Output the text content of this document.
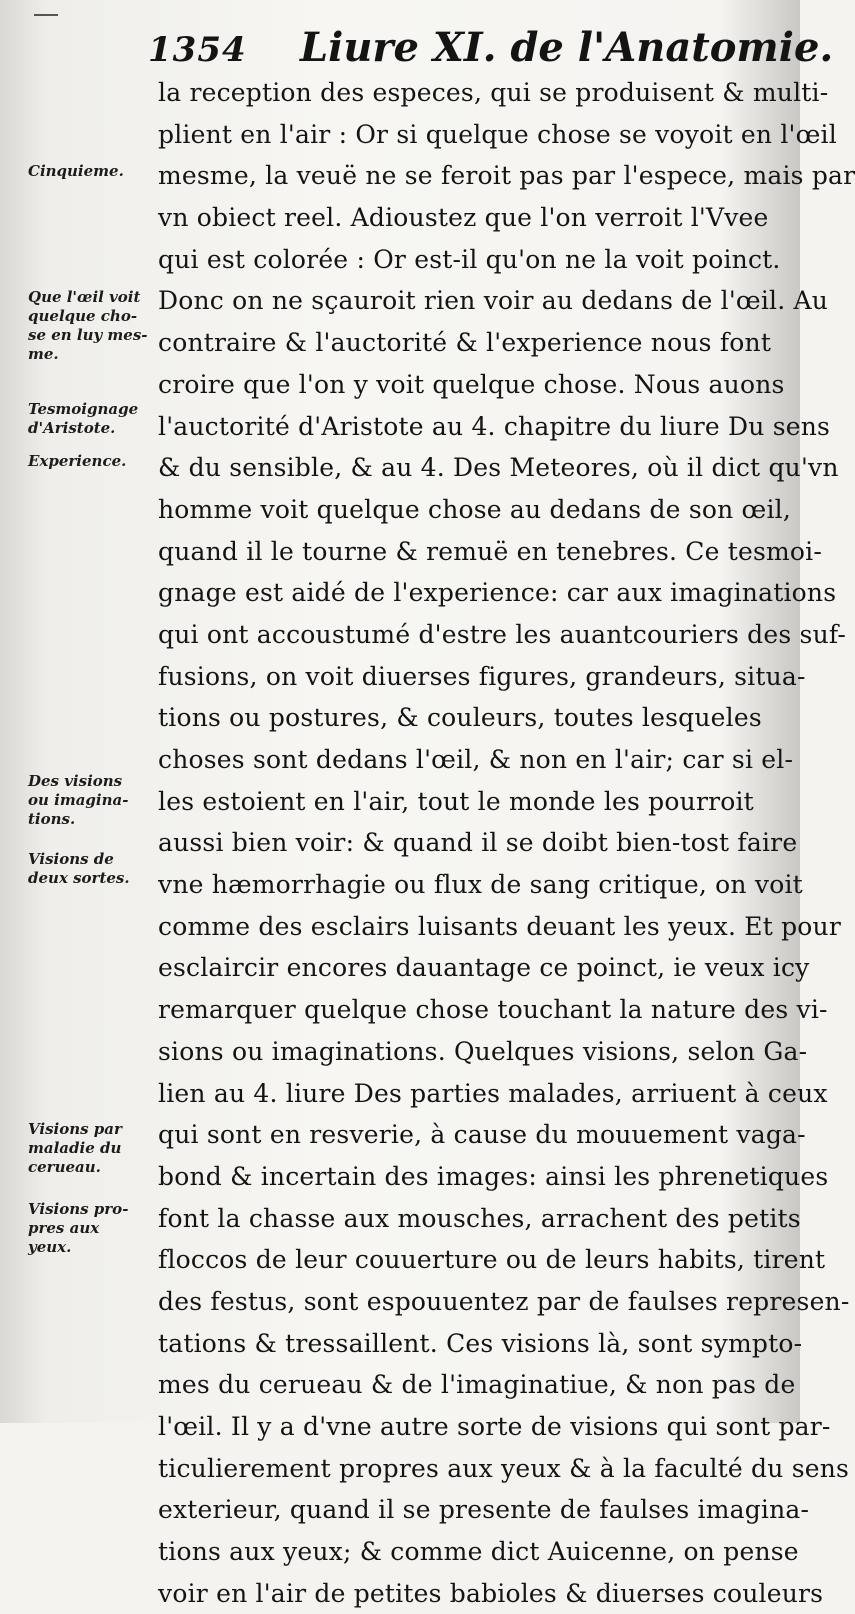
1354 Liure XI. de l'Anatomie.
Cinquieme.
Que l'œil voit
quelque cho-
se en luy mes-
me.
Tesmoignage
d'Aristote.
Experience.
Des visions
ou imagina-
tions.
Visions de
deux sortes.
Visions par
maladie du
cerueau.
Visions pro-
pres aux
yeux.
la reception des especes, qui se produisent & multi-
plient en l'air : Or si quelque chose se voyoit en l'œil
mesme, la veuë ne se feroit pas par l'espece, mais par
vn obiect reel. Adioustez que l'on verroit l'Vvee
qui est colorée : Or est-il qu'on ne la voit poinct.
Donc on ne sçauroit rien voir au dedans de l'œil. Au
contraire & l'auctorité & l'experience nous font
croire que l'on y voit quelque chose. Nous auons
l'auctorité d'Aristote au 4. chapitre du liure Du sens
& du sensible, & au 4. Des Meteores, où il dict qu'vn
homme voit quelque chose au dedans de son œil,
quand il le tourne & remuë en tenebres. Ce tesmoi-
gnage est aidé de l'experience: car aux imaginations
qui ont accoustumé d'estre les auantcouriers des suf-
fusions, on voit diuerses figures, grandeurs, situa-
tions ou postures, & couleurs, toutes lesqueles
choses sont dedans l'œil, & non en l'air; car si el-
les estoient en l'air, tout le monde les pourroit
aussi bien voir: & quand il se doibt bien-tost faire
vne hæmorrhagie ou flux de sang critique, on voit
comme des esclairs luisants deuant les yeux. Et pour
esclaircir encores dauantage ce poinct, ie veux icy
remarquer quelque chose touchant la nature des vi-
sions ou imaginations. Quelques visions, selon Ga-
lien au 4. liure Des parties malades, arriuent à ceux
qui sont en resverie, à cause du mouuement vaga-
bond & incertain des images: ainsi les phrenetiques
font la chasse aux mousches, arrachent des petits
floccos de leur couuerture ou de leurs habits, tirent
des festus, sont espouuentez par de faulses represen-
tations & tressaillent. Ces visions là, sont sympto-
mes du cerueau & de l'imaginatiue, & non pas de
l'œil. Il y a d'vne autre sorte de visions qui sont par-
ticulierement propres aux yeux & à la faculté du sens
exterieur, quand il se presente de faulses imagina-
tions aux yeux; & comme dict Auicenne, on pense
voir en l'air de petites babioles & diuerses couleurs
